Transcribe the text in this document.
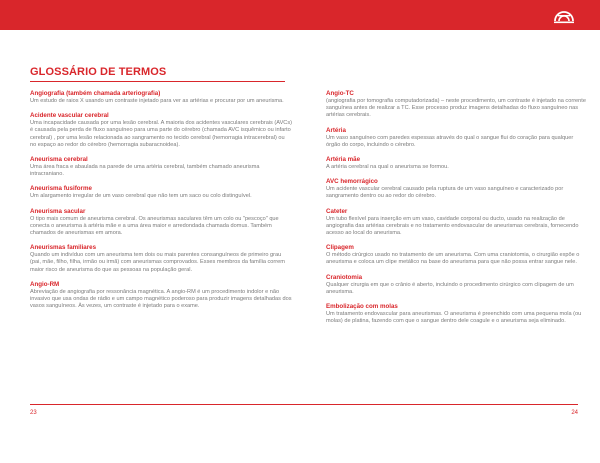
GLOSSÁRIO DE TERMOS

Angiografia (também chamada arteriografia)

Um estudo de raios X usando um contraste injetado para ver as artérias e procurar por um aneurisma.

Acidente vascular cerebral

Uma incapacidade causada por uma lesão cerebral. A maioria dos acidentes vasculares cerebrais (AVCs) é causada pela perda de fluxo sanguíneo para uma parte do cérebro (chamada AVC isquêmico ou infarto cerebral) , por uma lesão relacionada ao sangramento no tecido cerebral (hemorragia intracerebral) ou no espaço ao redor do cérebro (hemorragia subaracnoidea).

Aneurisma cerebral

Uma área fraca e abaulada na parede de uma artéria cerebral, também chamado aneurisma intracraniano.

Aneurisma fusiforme

Um alargamento irregular de um vaso cerebral que não tem um saco ou colo distinguível.

Aneurisma sacular

O tipo mais comum de aneurisma cerebral. Os aneurismas saculares têm um colo ou "pescoço" que conecta o aneurisma à artéria mãe e a uma área maior e arredondada chamada domus. Também chamados de aneurismas em amora.

Aneurismas familiares

Quando um indivíduo com um aneurisma tem dois ou mais parentes consanguíneos de primeiro grau (pai, mãe, filho, filha, irmão ou irmã) com aneurismas comprovados. Esses membros da família correm maior risco de aneurisma do que as pessoas na população geral.

Angio-RM

Abreviação de angiografia por ressonância magnética. A angio-RM é um procedimento indolor e não invasivo que usa ondas de rádio e um campo magnético poderoso para produzir imagens detalhadas dos vasos sanguíneos. Às vezes, um contraste é injetado para o exame.

Angio-TC

(angiografia por tomografia computadorizada) – neste procedimento, um contraste é injetado na corrente sanguínea antes de realizar a TC. Esse processo produz imagens detalhadas do fluxo sanguíneo nas artérias cerebrais.

Artéria

Um vaso sanguíneo com paredes espessas através do qual o sangue flui do coração para qualquer órgão do corpo, incluindo o cérebro.

Artéria mãe

A artéria cerebral na qual o aneurisma se formou.

AVC hemorrágico

Um acidente vascular cerebral causado pela ruptura de um vaso sanguíneo e caracterizado por sangramento dentro ou ao redor do cérebro.

Cateter

Um tubo flexível para inserção em um vaso, cavidade corporal ou ducto, usado na realização de angiografia das artérias cerebrais e no tratamento endovascular de aneurismas cerebrais, fornecendo acesso ao local do aneurisma.

Clipagem

O método cirúrgico usado no tratamento de um aneurisma. Com uma craniotomia, o cirurgião expõe o aneurisma e coloca um clipe metálico na base do aneurisma para que não possa entrar sangue nele.

Craniotomia

Qualquer cirurgia em que o crânio é aberto, incluindo o procedimento cirúrgico com clipagem de um aneurisma.

Embolização com molas

Um tratamento endovascular para aneurismas. O aneurisma é preenchido com uma pequena mola (ou molas) de platina, fazendo com que o sangue dentro dele coagule e o aneurisma seja eliminado.

23	24
